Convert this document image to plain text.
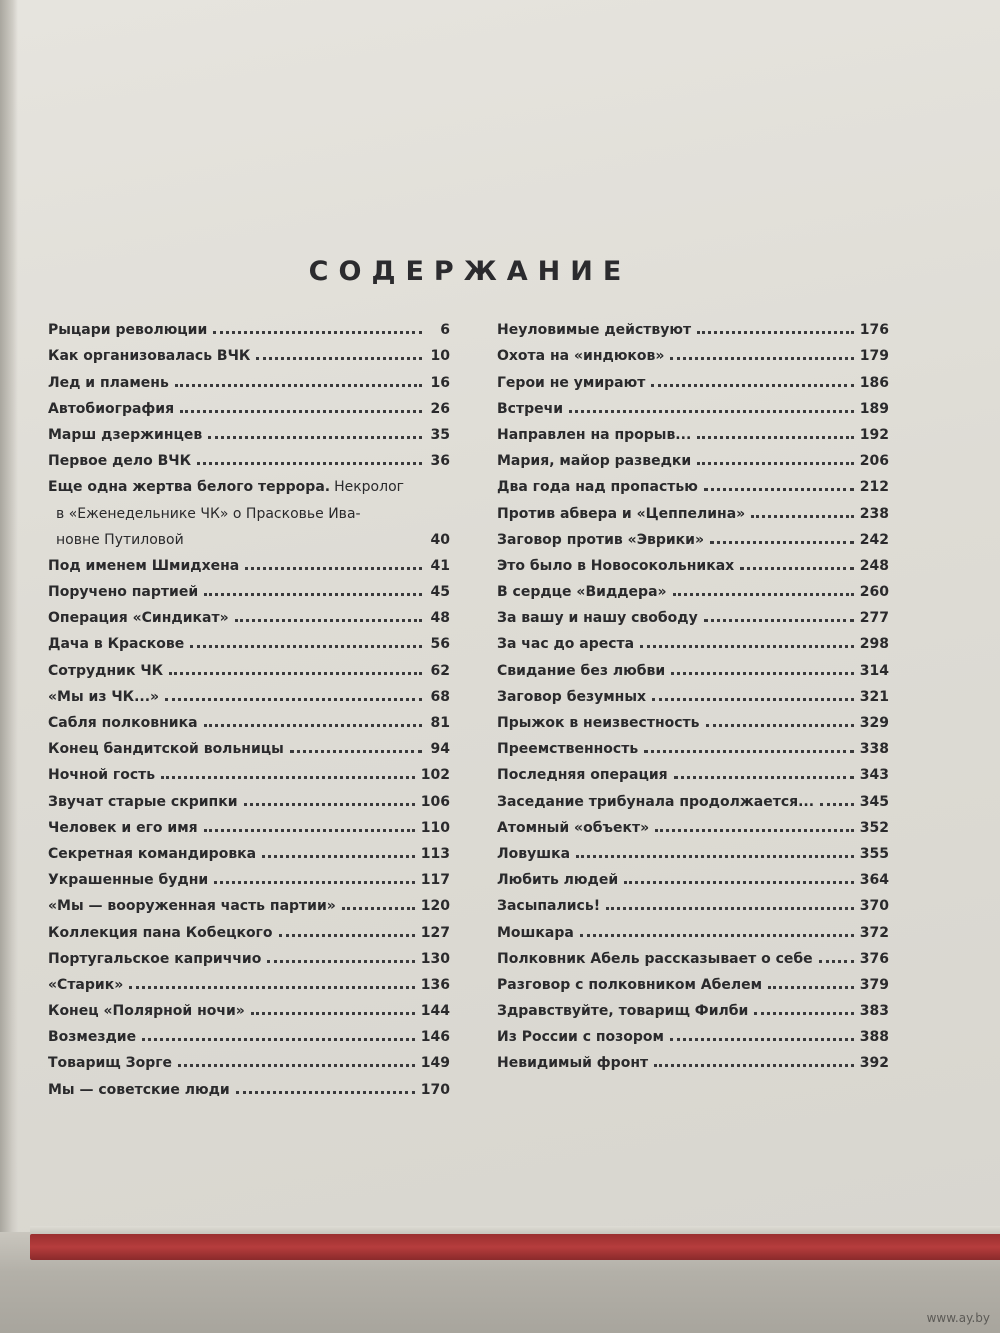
СОДЕРЖАНИЕ
Рыцари революции	6
Как организовалась ВЧК	10
Лед и пламень	16
Автобиография	26
Марш дзержинцев	35
Первое дело ВЧК	36
Еще одна жертва белого террора. Некролог
в «Еженедельнике ЧК» о Прасковье Ива-
новне Путиловой	40
Под именем Шмидхена	41
Поручено партией	45
Операция «Синдикат»	48
Дача в Краскове	56
Сотрудник ЧК	62
«Мы из ЧК...»	68
Сабля полковника	81
Конец бандитской вольницы	94
Ночной гость	102
Звучат старые скрипки	106
Человек и его имя	110
Секретная командировка	113
Украшенные будни	117
«Мы — вооруженная часть партии»	120
Коллекция пана Кобецкого	127
Португальское каприччио	130
«Старик»	136
Конец «Полярной ночи»	144
Возмездие	146
Товарищ Зорге	149
Мы — советские люди	170
Неуловимые действуют	176
Охота на «индюков»	179
Герои не умирают	186
Встречи	189
Направлен на прорыв...	192
Мария, майор разведки	206
Два года над пропастью	212
Против абвера и «Цеппелина»	238
Заговор против «Эврики»	242
Это было в Новосокольниках	248
В сердце «Виддера»	260
За вашу и нашу свободу	277
За час до ареста	298
Свидание без любви	314
Заговор безумных	321
Прыжок в неизвестность	329
Преемственность	338
Последняя операция	343
Заседание трибунала продолжается...	345
Атомный «объект»	352
Ловушка	355
Любить людей	364
Засыпались!	370
Мошкара	372
Полковник Абель рассказывает о себе	376
Разговор с полковником Абелем	379
Здравствуйте, товарищ Филби	383
Из России с позором	388
Невидимый фронт	392
www.ay.by
